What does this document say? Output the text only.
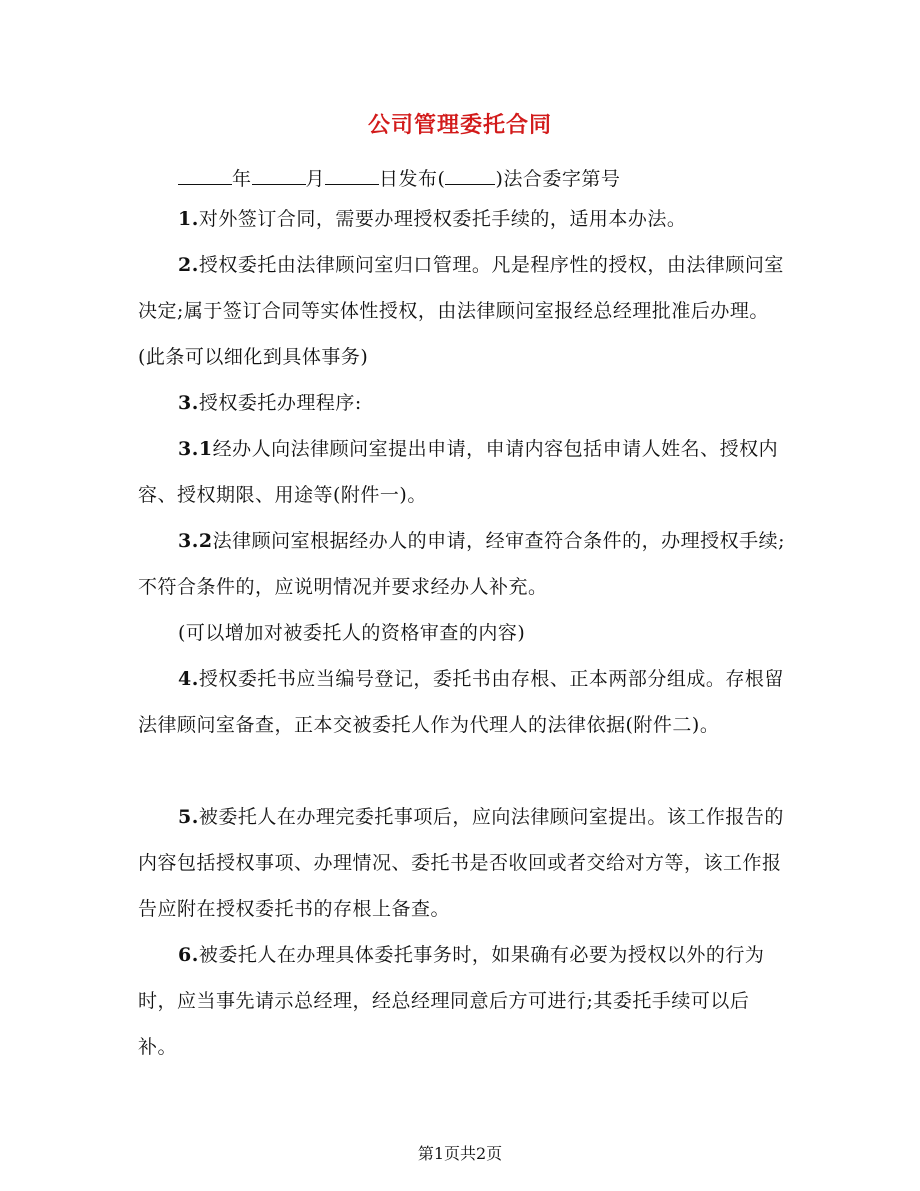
公司管理委托合同

年	月	日发布(	)法合委字第号

1.对外签订合同，需要办理授权委托手续的，适用本办法。

2.授权委托由法律顾问室归口管理。凡是程序性的授权，由法律顾问室决定;属于签订合同等实体性授权，由法律顾问室报经总经理批准后办理。(此条可以细化到具体事务)

3.授权委托办理程序:

3.1经办人向法律顾问室提出申请，申请内容包括申请人姓名、授权内容、授权期限、用途等(附件一)。

3.2法律顾问室根据经办人的申请，经审查符合条件的，办理授权手续;不符合条件的，应说明情况并要求经办人补充。

(可以增加对被委托人的资格审查的内容)

4.授权委托书应当编号登记，委托书由存根、正本两部分组成。存根留法律顾问室备查，正本交被委托人作为代理人的法律依据(附件二)。

5.被委托人在办理完委托事项后，应向法律顾问室提出。该工作报告的内容包括授权事项、办理情况、委托书是否收回或者交给对方等，该工作报告应附在授权委托书的存根上备查。

6.被委托人在办理具体委托事务时，如果确有必要为授权以外的行为时，应当事先请示总经理，经总经理同意后方可进行;其委托手续可以后补。

第1页共2页
